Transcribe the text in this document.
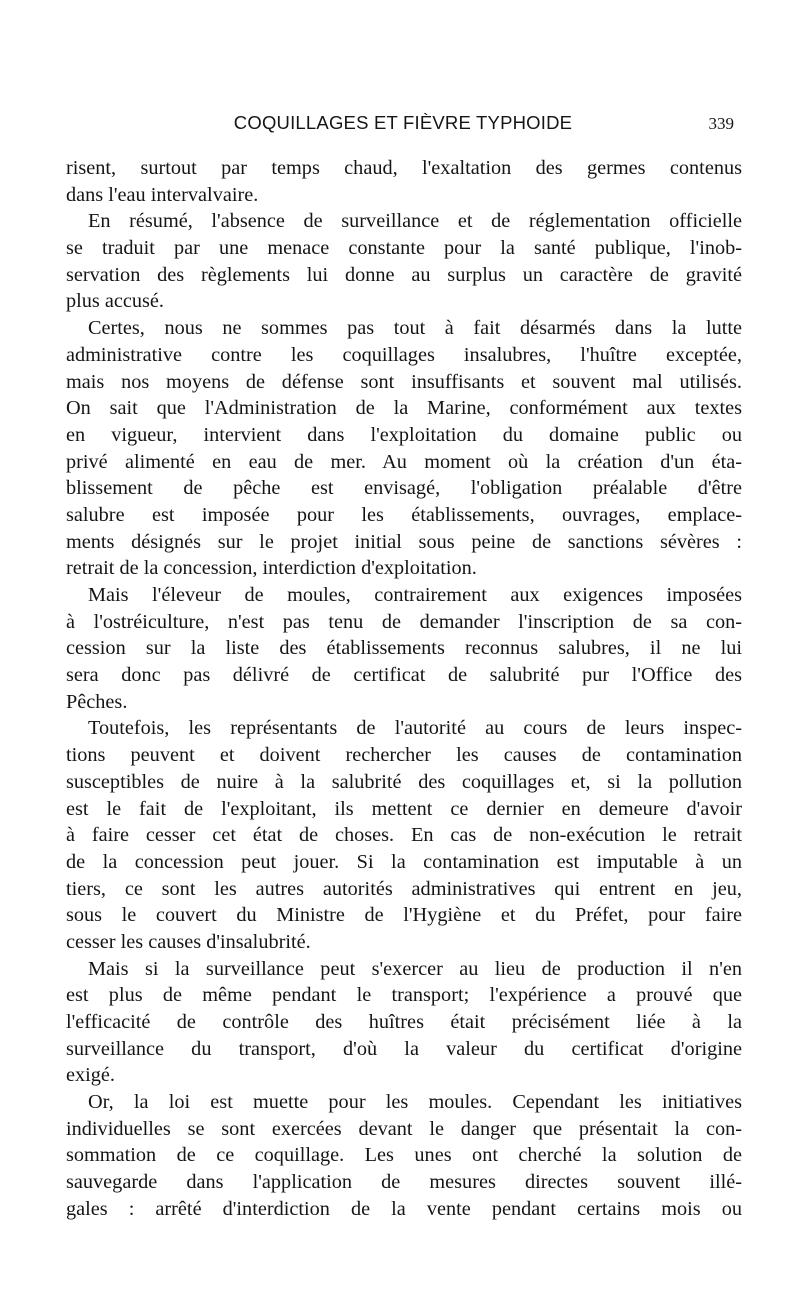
COQUILLAGES ET FIÈVRE TYPHOIDE	339
risent, surtout par temps chaud, l'exaltation des germes contenus
dans l'eau intervalvaire.
En résumé, l'absence de surveillance et de réglementation officielle
se traduit par une menace constante pour la santé publique, l'inob-
servation des règlements lui donne au surplus un caractère de gravité
plus accusé.
Certes, nous ne sommes pas tout à fait désarmés dans la lutte
administrative contre les coquillages insalubres, l'huître exceptée,
mais nos moyens de défense sont insuffisants et souvent mal utilisés.
On sait que l'Administration de la Marine, conformément aux textes
en vigueur, intervient dans l'exploitation du domaine public ou
privé alimenté en eau de mer. Au moment où la création d'un éta-
blissement de pêche est envisagé, l'obligation préalable d'être
salubre est imposée pour les établissements, ouvrages, emplace-
ments désignés sur le projet initial sous peine de sanctions sévères :
retrait de la concession, interdiction d'exploitation.
Mais l'éleveur de moules, contrairement aux exigences imposées
à l'ostréiculture, n'est pas tenu de demander l'inscription de sa con-
cession sur la liste des établissements reconnus salubres, il ne lui
sera donc pas délivré de certificat de salubrité pur l'Office des
Pêches.
Toutefois, les représentants de l'autorité au cours de leurs inspec-
tions peuvent et doivent rechercher les causes de contamination
susceptibles de nuire à la salubrité des coquillages et, si la pollution
est le fait de l'exploitant, ils mettent ce dernier en demeure d'avoir
à faire cesser cet état de choses. En cas de non-exécution le retrait
de la concession peut jouer. Si la contamination est imputable à un
tiers, ce sont les autres autorités administratives qui entrent en jeu,
sous le couvert du Ministre de l'Hygiène et du Préfet, pour faire
cesser les causes d'insalubrité.
Mais si la surveillance peut s'exercer au lieu de production il n'en
est plus de même pendant le transport; l'expérience a prouvé que
l'efficacité de contrôle des huîtres était précisément liée à la
surveillance du transport, d'où la valeur du certificat d'origine
exigé.
Or, la loi est muette pour les moules. Cependant les initiatives
individuelles se sont exercées devant le danger que présentait la con-
sommation de ce coquillage. Les unes ont cherché la solution de
sauvegarde dans l'application de mesures directes souvent illé-
gales : arrêté d'interdiction de la vente pendant certains mois ou
